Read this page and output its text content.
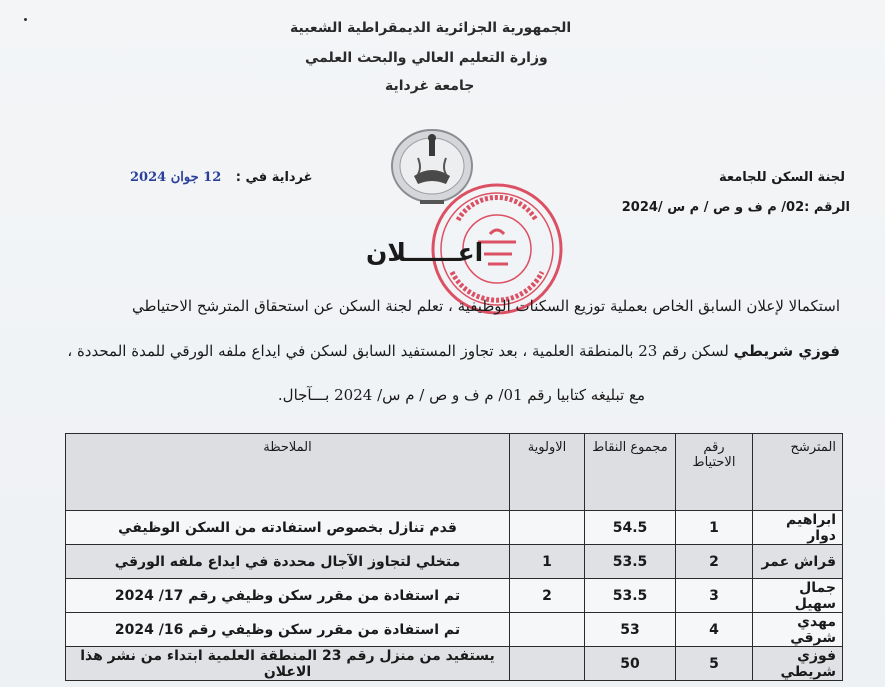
الجمهورية الجزائرية الديمقراطية الشعبية
وزارة التعليم العالي والبحث العلمي
جامعة غرداية
لجنة السكن للجامعة
الرقم :02/ م ف و ص / م س /2024
غرداية في : 12 جوان 2024
اعــــــلان
استكمالا لإعلان السابق الخاص بعملية توزيع السكنات الوظيفية ، تعلم لجنة السكن عن استحقاق المترشح الاحتياطي
فوزي شريطي لسكن رقم 23 بالمنطقة العلمية ، بعد تجاوز المستفيد السابق لسكن في ايداع ملفه الورقي للمدة المحددة ،
مع تبليغه كتابيا رقم 01/ م ف و ص / م س/ 2024 بـــآجال.
المترشح	رقم الاحتياط	مجموع النقاط	الاولوية	الملاحظة
ابراهيم دوار	1	54.5		قدم تنازل بخصوص استفادته من السكن الوظيفي
قراش عمر	2	53.5	1	متخلي لتجاوز الآجال محددة في ايداع ملفه الورقي
جمال سهيل	3	53.5	2	تم استفادة من مقرر سكن وظيفي رقم 17/ 2024
مهدي شرقي	4	53		تم استفادة من مقرر سكن وظيفي رقم 16/ 2024
فوزي شريطي	5	50		يستفيد من منزل رقم 23 المنطقة العلمية ابتداء من نشر هذا الاعلان
